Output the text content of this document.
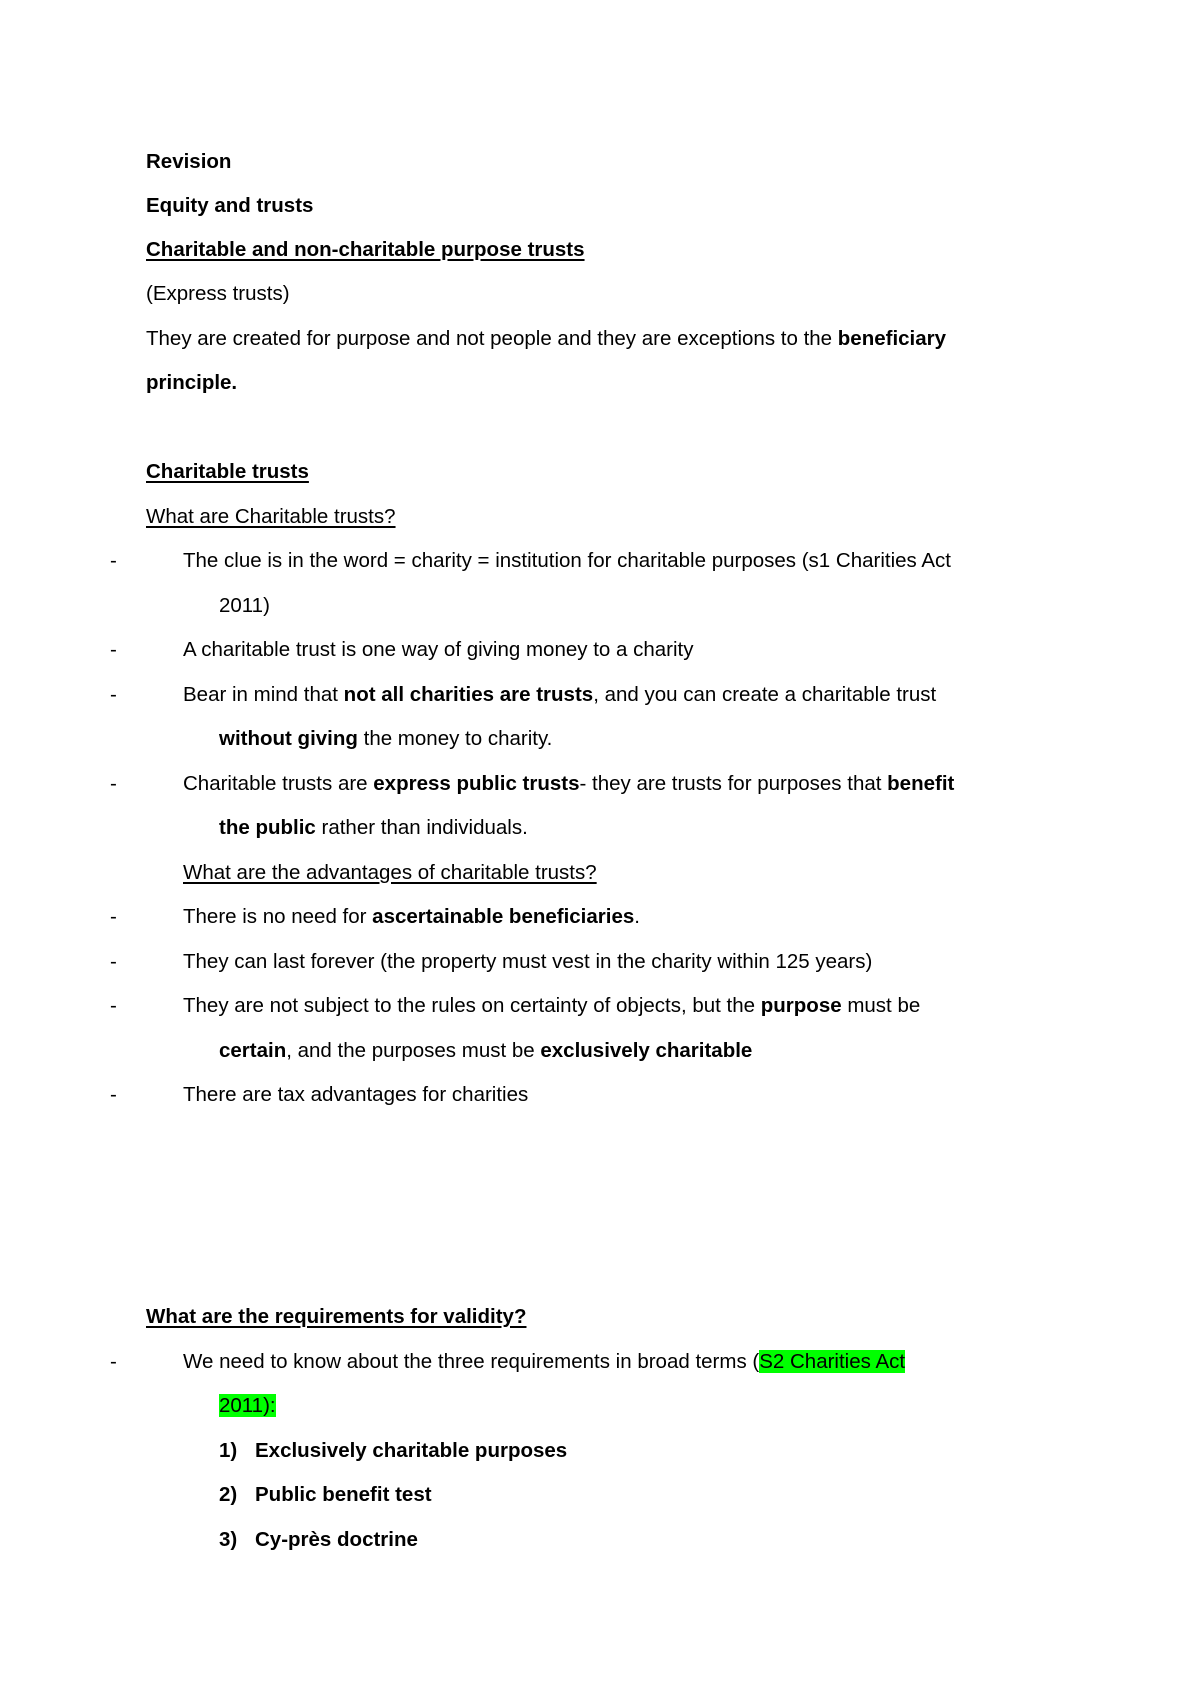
Revision
Equity and trusts
Charitable and non-charitable purpose trusts
(Express trusts)
They are created for purpose and not people and they are exceptions to the beneficiary
principle.
Charitable trusts
What are Charitable trusts?
-	The clue is in the word = charity = institution for charitable purposes (s1 Charities Act
2011)
-	A charitable trust is one way of giving money to a charity
-	Bear in mind that not all charities are trusts, and you can create a charitable trust
without giving the money to charity.
-	Charitable trusts are express public trusts- they are trusts for purposes that benefit
the public rather than individuals.
What are the advantages of charitable trusts?
-	There is no need for ascertainable beneficiaries.
-	They can last forever (the property must vest in the charity within 125 years)
-	They are not subject to the rules on certainty of objects, but the purpose must be
certain, and the purposes must be exclusively charitable
-	There are tax advantages for charities
What are the requirements for validity?
-	We need to know about the three requirements in broad terms (S2 Charities Act
2011):
1) Exclusively charitable purposes
2) Public benefit test
3) Cy-près doctrine
